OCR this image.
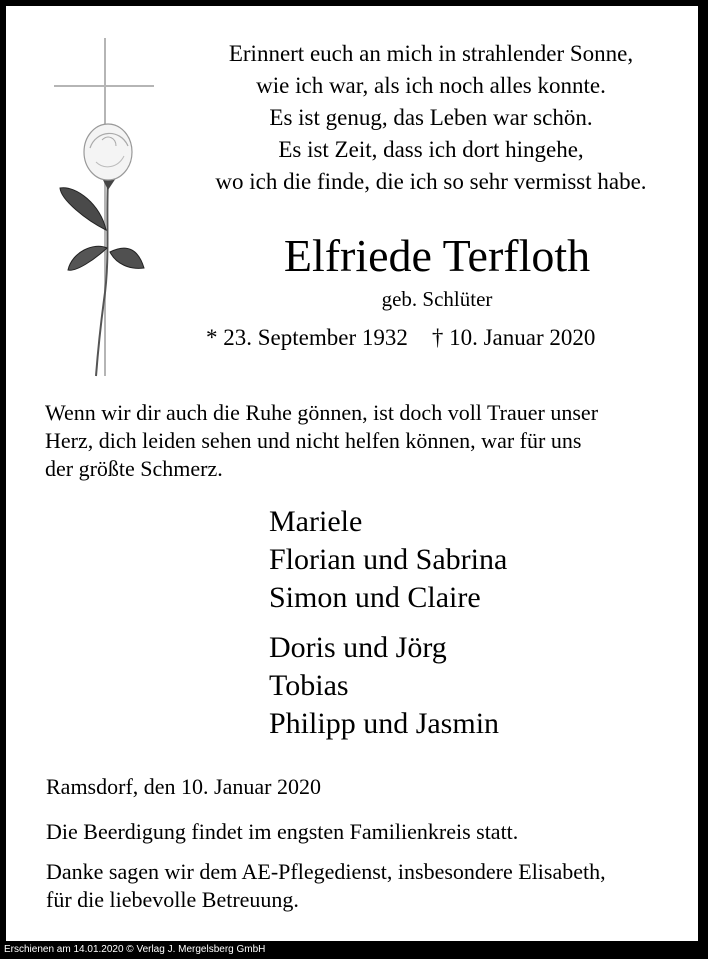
Erinnert euch an mich in strahlender Sonne,
wie ich war, als ich noch alles konnte.
Es ist genug, das Leben war schön.
Es ist Zeit, dass ich dort hingehe,
wo ich die finde, die ich so sehr vermisst habe.
Elfriede Terfloth
geb. Schlüter
* 23. September 1932 † 10. Januar 2020
Wenn wir dir auch die Ruhe gönnen, ist doch voll Trauer unser
Herz, dich leiden sehen und nicht helfen können, war für uns
der größte Schmerz.
Mariele
Florian und Sabrina
Simon und Claire
Doris und Jörg
Tobias
Philipp und Jasmin
Ramsdorf, den 10. Januar 2020
Die Beerdigung findet im engsten Familienkreis statt.
Danke sagen wir dem AE-Pflegedienst, insbesondere Elisabeth,
für die liebevolle Betreuung.
Erschienen am 14.01.2020 © Verlag J. Mergelsberg GmbH
